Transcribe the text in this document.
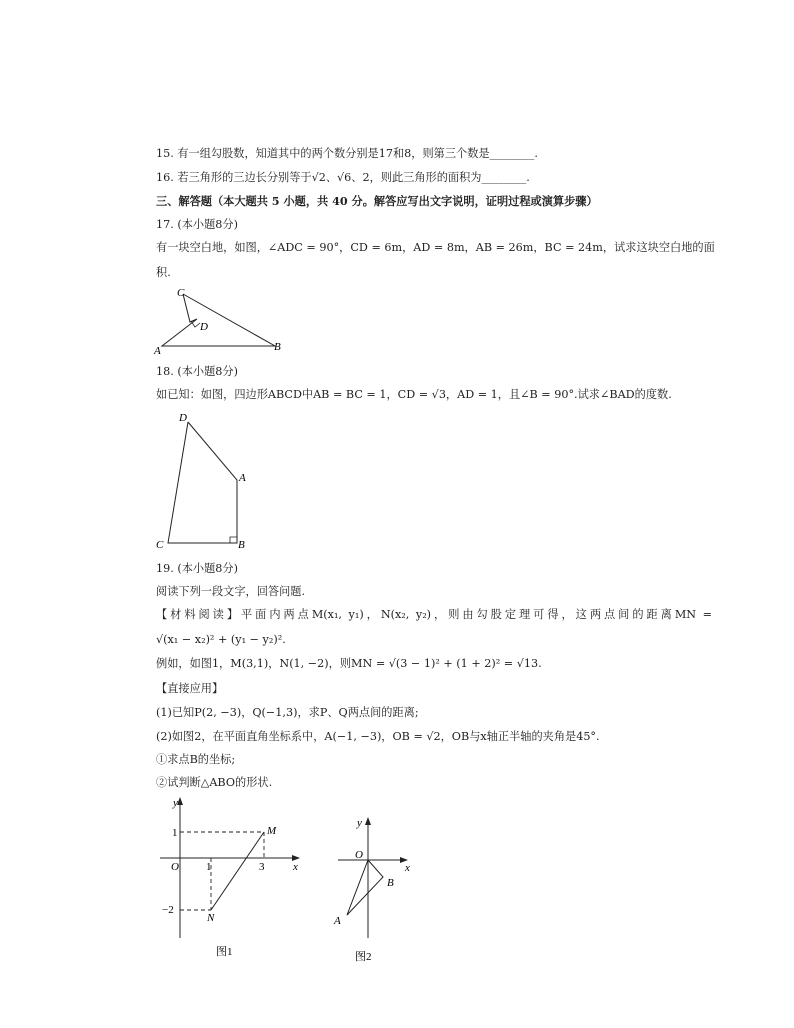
15. 有一组勾股数，知道其中的两个数分别是17和8，则第三个数是________.
16. 若三角形的三边长分别等于√2、√6、2，则此三角形的面积为________.
三、解答题（本大题共 5 小题，共 40 分。解答应写出文字说明，证明过程或演算步骤）
17. (本小题8分)
有一块空白地，如图，∠ADC = 90°，CD = 6m，AD = 8m，AB = 26m，BC = 24m，试求这块空白地的面
积.
C
D
A	B
18. (本小题8分)
如已知：如图，四边形ABCD中AB = BC = 1，CD = √3，AD = 1，且∠B = 90°.试求∠BAD的度数.
D
A
C	B
19. (本小题8分)
阅读下列一段文字，回答问题.
【材料阅读】平面内两点M(x₁, y₁)，N(x₂, y₂)，则由勾股定理可得，这两点间的距离MN =
√(x₁ − x₂)² + (y₁ − y₂)².
例如，如图1，M(3,1)，N(1, −2)，则MN = √(3 − 1)² + (1 + 2)² = √13.
【直接应用】
(1)已知P(2, −3)，Q(−1,3)，求P、Q两点间的距离;
(2)如图2，在平面直角坐标系中，A(−1, −3)，OB = √2，OB与x轴正半轴的夹角是45°.
①求点B的坐标;
②试判断△ABO的形状.
y
x
O
1
−2
1	3
M
N
图1
y
x
O
B
A
图2
